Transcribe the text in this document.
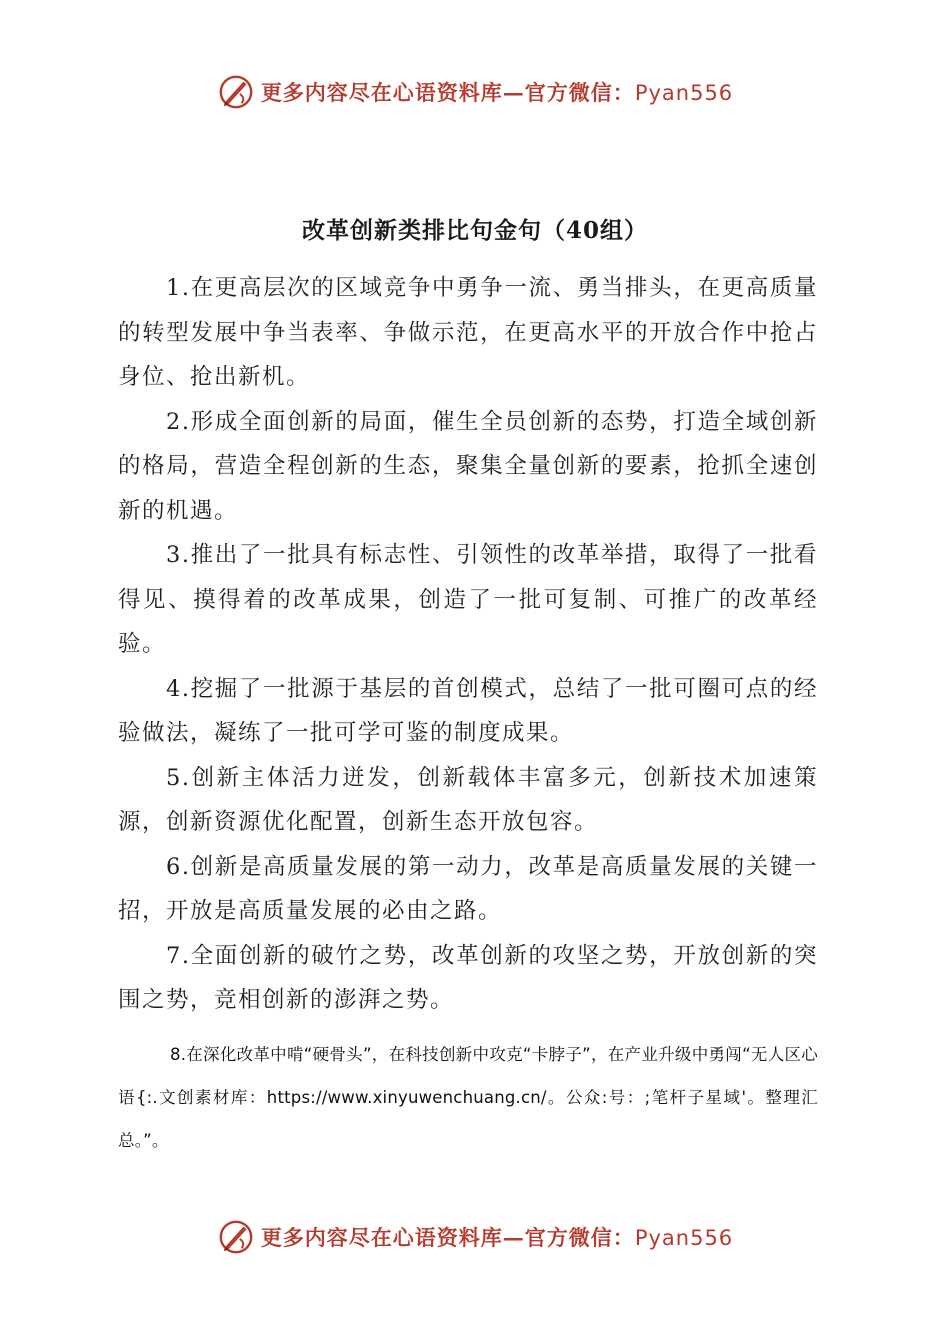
更多内容尽在心语资料库—官方微信：Pyan556
改革创新类排比句金句（40组）

1.在更高层次的区域竞争中勇争一流、勇当排头，在更高质量的转型发展中争当表率、争做示范，在更高水平的开放合作中抢占身位、抢出新机。

2.形成全面创新的局面，催生全员创新的态势，打造全域创新的格局，营造全程创新的生态，聚集全量创新的要素，抢抓全速创新的机遇。

3.推出了一批具有标志性、引领性的改革举措，取得了一批看得见、摸得着的改革成果，创造了一批可复制、可推广的改革经验。

4.挖掘了一批源于基层的首创模式，总结了一批可圈可点的经验做法，凝练了一批可学可鉴的制度成果。

5.创新主体活力迸发，创新载体丰富多元，创新技术加速策源，创新资源优化配置，创新生态开放包容。

6.创新是高质量发展的第一动力，改革是高质量发展的关键一招，开放是高质量发展的必由之路。

7.全面创新的破竹之势，改革创新的攻坚之势，开放创新的突围之势，竞相创新的澎湃之势。

8.在深化改革中啃“硬骨头”，在科技创新中攻克“卡脖子”，在产业升级中勇闯“无人区心语{:.文创素材库：https://www.xinyuwenchuang.cn/。公众:号：;笔杆子星域'。整理汇总。”。

更多内容尽在心语资料库—官方微信：Pyan556
